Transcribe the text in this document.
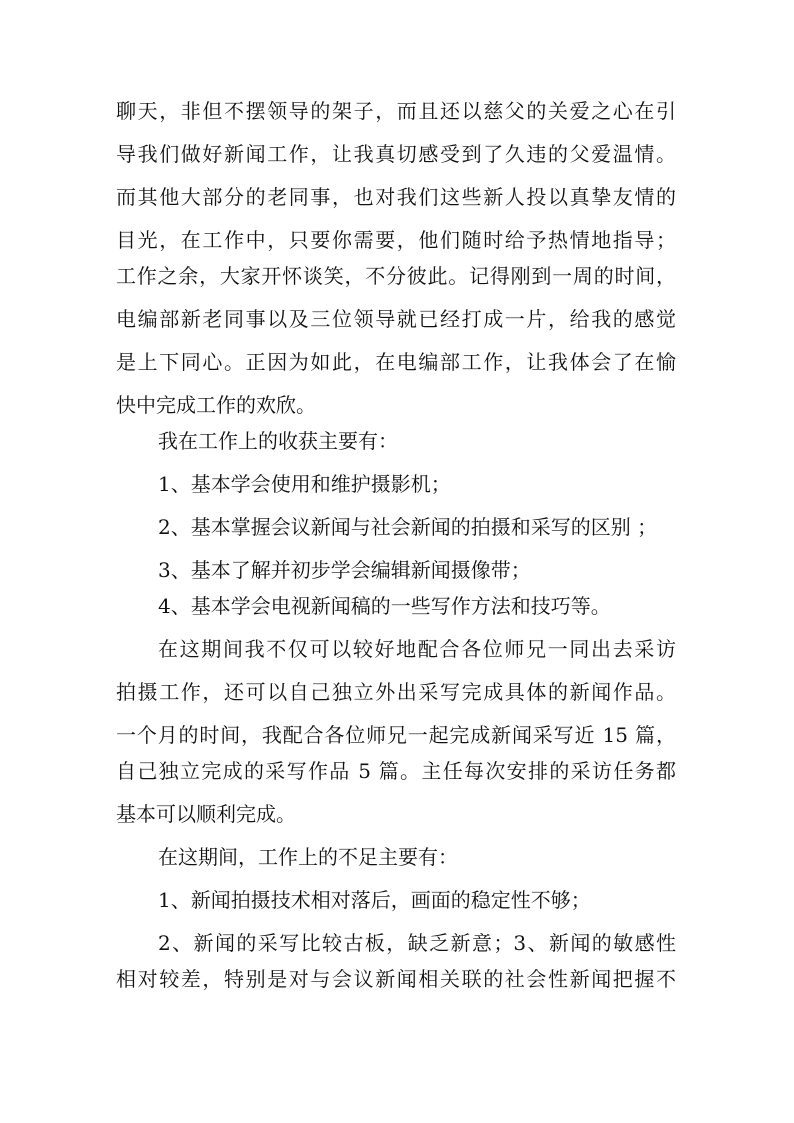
聊天，非但不摆领导的架子，而且还以慈父的关爱之心在引
导我们做好新闻工作，让我真切感受到了久违的父爱温情。
而其他大部分的老同事，也对我们这些新人投以真挚友情的
目光，在工作中，只要你需要，他们随时给予热情地指导；
工作之余，大家开怀谈笑，不分彼此。记得刚到一周的时间，
电编部新老同事以及三位领导就已经打成一片，给我的感觉
是上下同心。正因为如此，在电编部工作，让我体会了在愉
快中完成工作的欢欣。
我在工作上的收获主要有：
1、基本学会使用和维护摄影机；
2、基本掌握会议新闻与社会新闻的拍摄和采写的区别 ；
3、基本了解并初步学会编辑新闻摄像带；
4、基本学会电视新闻稿的一些写作方法和技巧等。
在这期间我不仅可以较好地配合各位师兄一同出去采访
拍摄工作，还可以自己独立外出采写完成具体的新闻作品。
一个月的时间，我配合各位师兄一起完成新闻采写近 15 篇，
自己独立完成的采写作品 5 篇。主任每次安排的采访任务都
基本可以顺利完成。
在这期间，工作上的不足主要有：
1、新闻拍摄技术相对落后，画面的稳定性不够；
2、新闻的采写比较古板，缺乏新意；3、新闻的敏感性
相对较差，特别是对与会议新闻相关联的社会性新闻把握不
